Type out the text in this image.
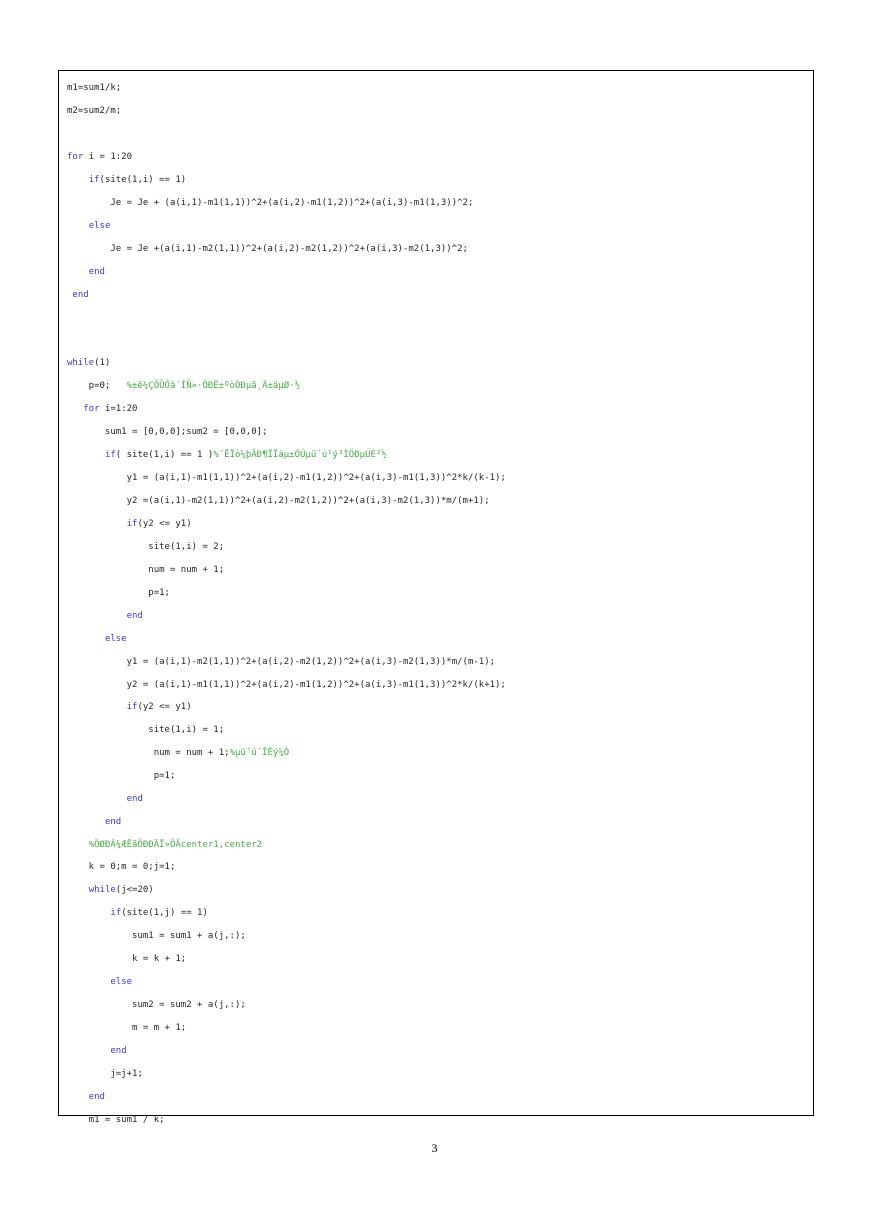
m1=sum1/k;
m2=sum2/m;
for i = 1:20
if(site(1,i) == 1)
Je = Je + (a(i,1)-m1(1,1))^2+(a(i,2)-m1(1,2))^2+(a(i,3)-m1(1,3))^2;
else
Je = Je +(a(i,1)-m2(1,1))^2+(a(i,2)-m2(1,2))^2+(a(i,3)-m2(1,3))^2;
end
end
while(1)
p=0;   %±ê¼ÇÕÛÕâ´ÎÑ»·ÖÐÊ±ºòÓÐµã¸Ä±äµØ·½
for i=1:20
sum1 = [0,0,0];sum2 = [0,0,0];
if( site(1,i) == 1 )%´ËÏò¼þÃÐ¶ÏÏàµ±ÓÚµü´ú¹ý³ÌÖÐµÚÈ²½
y1 = (a(i,1)-m1(1,1))^2+(a(i,2)-m1(1,2))^2+(a(i,3)-m1(1,3))^2*k/(k-1);
y2 =(a(i,1)-m2(1,1))^2+(a(i,2)-m2(1,2))^2+(a(i,3)-m2(1,3))*m/(m+1);
if(y2 <= y1)
site(1,i) = 2;
num = num + 1;
p=1;
end
else
y1 = (a(i,1)-m2(1,1))^2+(a(i,2)-m2(1,2))^2+(a(i,3)-m2(1,3))*m/(m-1);
y2 = (a(i,1)-m1(1,1))^2+(a(i,2)-m1(1,2))^2+(a(i,3)-m1(1,3))^2*k/(k+1);
if(y2 <= y1)
site(1,i) = 1;
num = num + 1;%µü´ú´ÎÊý¼Ó
p=1;
end
end
%ÖØÐÂ¼ÆËãÖÐÐÄÏ»ÖÃcenter1,center2
k = 0;m = 0;j=1;
while(j<=20)
if(site(1,j) == 1)
sum1 = sum1 + a(j,:);
k = k + 1;
else
sum2 = sum2 + a(j,:);
m = m + 1;
end
j=j+1;
end
m1 = sum1 / k;
3
